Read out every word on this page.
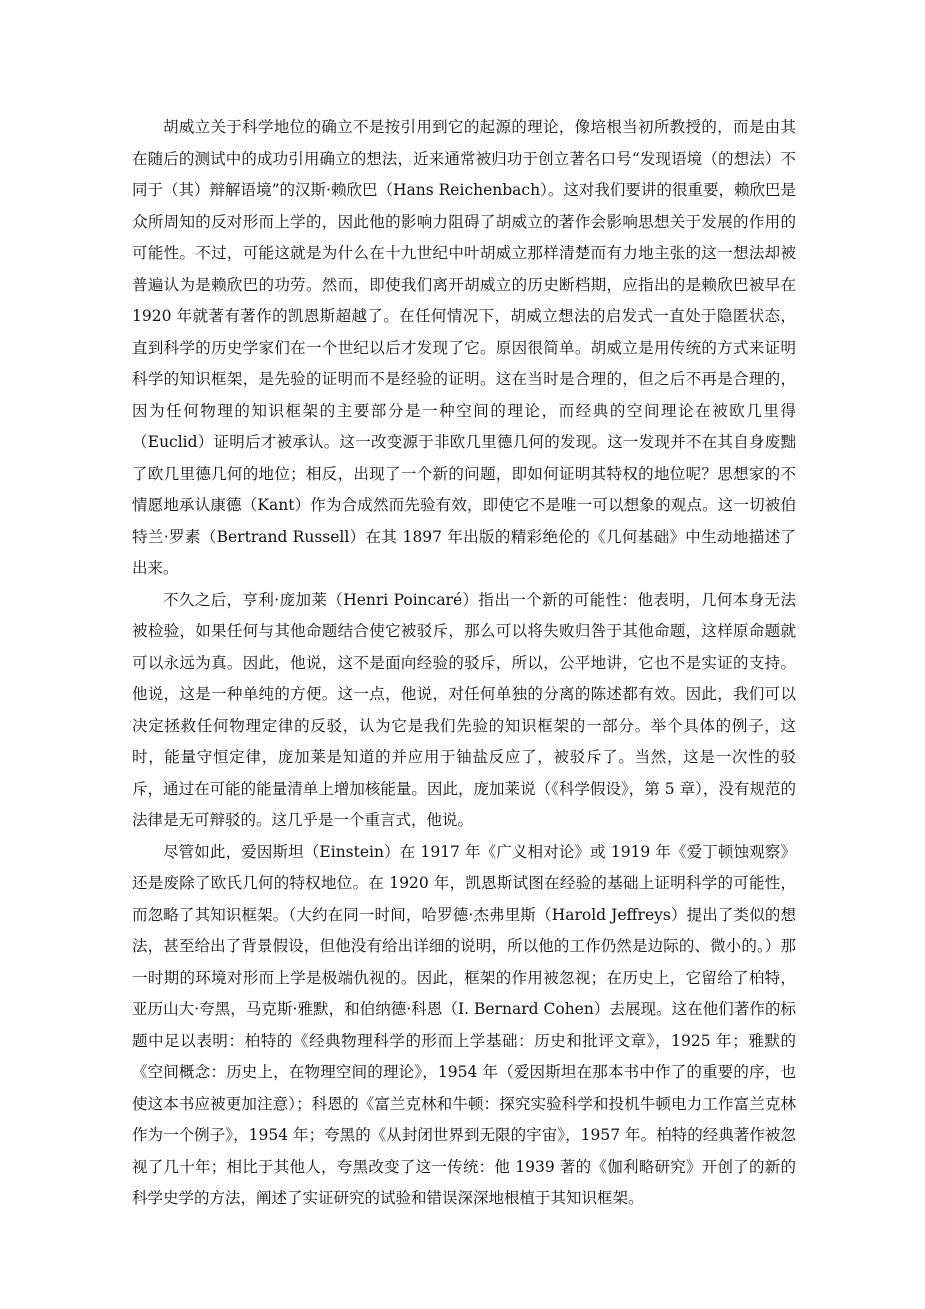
胡威立关于科学地位的确立不是按引用到它的起源的理论，像培根当初所教授的，而是由其在随后的测试中的成功引用确立的想法，近来通常被归功于创立著名口号“发现语境（的想法）不同于（其）辩解语境”的汉斯·赖欣巴（Hans Reichenbach）。这对我们要讲的很重要，赖欣巴是众所周知的反对形而上学的，因此他的影响力阻碍了胡威立的著作会影响思想关于发展的作用的可能性。不过，可能这就是为什么在十九世纪中叶胡威立那样清楚而有力地主张的这一想法却被普遍认为是赖欣巴的功劳。然而，即使我们离开胡威立的历史断档期，应指出的是赖欣巴被早在 1920 年就著有著作的凯恩斯超越了。在任何情况下，胡威立想法的启发式一直处于隐匿状态，直到科学的历史学家们在一个世纪以后才发现了它。原因很简单。胡威立是用传统的方式来证明科学的知识框架，是先验的证明而不是经验的证明。这在当时是合理的，但之后不再是合理的，因为任何物理的知识框架的主要部分是一种空间的理论，而经典的空间理论在被欧几里得（Euclid）证明后才被承认。这一改变源于非欧几里德几何的发现。这一发现并不在其自身废黜了欧几里德几何的地位；相反，出现了一个新的问题，即如何证明其特权的地位呢？思想家的不情愿地承认康德（Kant）作为合成然而先验有效，即使它不是唯一可以想象的观点。这一切被伯特兰·罗素（Bertrand Russell）在其 1897 年出版的精彩绝伦的《几何基础》中生动地描述了出来。

不久之后，亨利·庞加莱（Henri Poincaré）指出一个新的可能性：他表明，几何本身无法被检验，如果任何与其他命题结合使它被驳斥，那么可以将失败归咎于其他命题，这样原命题就可以永远为真。因此，他说，这不是面向经验的驳斥，所以，公平地讲，它也不是实证的支持。他说，这是一种单纯的方便。这一点，他说，对任何单独的分离的陈述都有效。因此，我们可以决定拯救任何物理定律的反驳，认为它是我们先验的知识框架的一部分。举个具体的例子，这时，能量守恒定律，庞加莱是知道的并应用于铀盐反应了，被驳斥了。当然，这是一次性的驳斥，通过在可能的能量清单上增加核能量。因此，庞加莱说（《科学假设》，第 5 章），没有规范的法律是无可辩驳的。这几乎是一个重言式，他说。

尽管如此，爱因斯坦（Einstein）在 1917 年《广义相对论》或 1919 年《爱丁顿蚀观察》还是废除了欧氏几何的特权地位。在 1920 年，凯恩斯试图在经验的基础上证明科学的可能性，而忽略了其知识框架。（大约在同一时间，哈罗德·杰弗里斯（Harold Jeffreys）提出了类似的想法，甚至给出了背景假设，但他没有给出详细的说明，所以他的工作仍然是边际的、微小的。）那一时期的环境对形而上学是极端仇视的。因此，框架的作用被忽视；在历史上，它留给了柏特，亚历山大·夸黑，马克斯·雅默，和伯纳德·科恩（I. Bernard Cohen）去展现。这在他们著作的标题中足以表明：柏特的《经典物理科学的形而上学基础：历史和批评文章》，1925 年；雅默的《空间概念：历史上，在物理空间的理论》，1954 年（爱因斯坦在那本书中作了的重要的序，也使这本书应被更加注意）；科恩的《富兰克林和牛顿：探究实验科学和投机牛顿电力工作富兰克林作为一个例子》，1954 年；夸黑的《从封闭世界到无限的宇宙》，1957 年。柏特的经典著作被忽视了几十年；相比于其他人，夸黑改变了这一传统：他 1939 著的《伽利略研究》开创了的新的科学史学的方法，阐述了实证研究的试验和错误深深地根植于其知识框架。
